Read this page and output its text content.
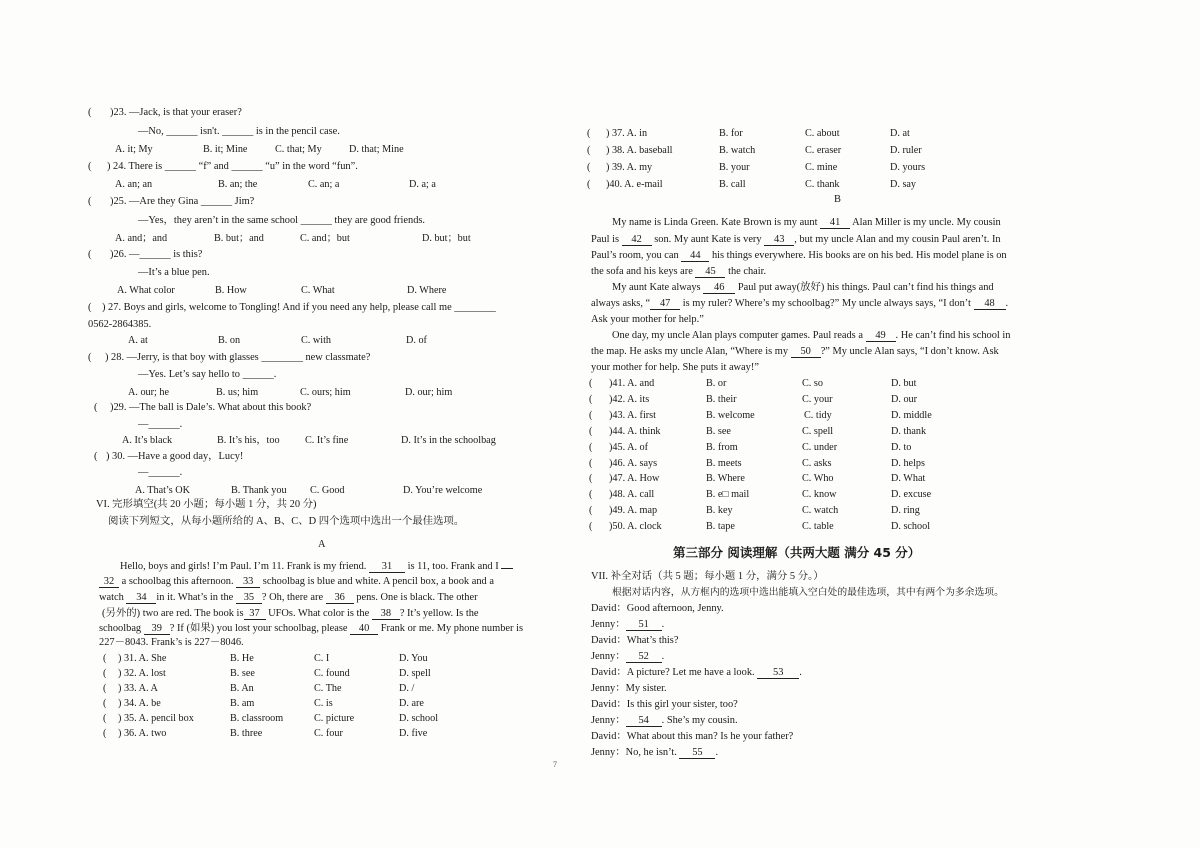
( )23. —Jack, is that your eraser?
—No, ______ isn't. ______ is in the pencil case.
A. it; My	B. it; Mine	C. that; My	D. that; Mine
( ) 24. There is ______ “f” and ______ “u” in the word “fun”.
A. an; an	B. an; the	C. an; a	D. a; a
( )25. —Are they Gina ______ Jim?
—Yes，they aren’t in the same school ______ they are good friends.
A. and；and	B. but；and	C. and；but	D. but；but
( )26. —______ is this?
—It’s a blue pen.
A. What color	B. How	C. What	D. Where
( ) 27. Boys and girls, welcome to Tongling! And if you need any help, please call me ________
0562-2864385.
A. at	B. on	C. with	D. of
( ) 28. —Jerry, is that boy with glasses ________ new classmate?
—Yes. Let’s say hello to ______.
A. our; he	B. us; him	C. ours; him	D. our; him
( )29. —The ball is Dale’s. What about this book?
—______.
A. It’s black	B. It’s his，too C. It’s fine	D. It’s in the schoolbag
( ) 30. —Have a good day，Lucy!
—______.
A. That’s OK	B. Thank you C. Good	D. You’re welcome
VI. 完形填空(共 20 小题；每小题 1 分，共 20 分)
阅读下列短文，从每小题所给的 A、B、C、D 四个选项中选出一个最佳选项。
A
Hello, boys and girls! I’m Paul. I’m 11. Frank is my friend. 31 is 11, too. Frank and I
32 a schoolbag this afternoon. 33 schoolbag is blue and white. A pencil box, a book and a
watch 34 in it. What’s in the 35 ? Oh, there are 36 pens. One is black. The other
(另外的) two are red. The book is 37 UFOs. What color is the 38 ? It’s yellow. Is the
schoolbag 39 ? If (如果) you lost your schoolbag, please 40 Frank or me. My phone number is
227－8043. Frank’s is 227－8046.
( ) 31. A. She	B. He	C. I	D. You
( ) 32. A. lost	B. see	C. found	D. spell
( ) 33. A. A	B. An	C. The	D. /
( ) 34. A. be	B. am	C. is	D. are
( ) 35. A. pencil box	B. classroom	C. picture	D. school
( ) 36. A. two	B. three	C. four	D. five
7
( ) 37. A. in	B. for	C. about	D. at
( ) 38. A. baseball	B. watch	C. eraser	D. ruler
( ) 39. A. my	B. your	C. mine	D. yours
( )40. A. e-mail	B. call	C. thank	D. say
B
My name is Linda Green. Kate Brown is my aunt 41 Alan Miller is my uncle. My cousin
Paul is 42 son. My aunt Kate is very 43 , but my uncle Alan and my cousin Paul aren’t. In
Paul’s room, you can 44 his things everywhere. His books are on his bed. His model plane is on
the sofa and his keys are 45 the chair.
My aunt Kate always 46 Paul put away(放好) his things. Paul can’t find his things and
always asks, “ 47 is my ruler? Where’s my schoolbag?” My uncle always says, “I don’t 48 .
Ask your mother for help.”
One day, my uncle Alan plays computer games. Paul reads a 49 . He can’t find his school in
the map. He asks my uncle Alan, “Where is my 50 ?” My uncle Alan says, “I don’t know. Ask
your mother for help. She puts it away!”
( )41. A. and	B. or	C. so	D. but
( )42. A. its	B. their	C. your	D. our
( )43. A. first	B. welcome	C. tidy	D. middle
( )44. A. think	B. see	C. spell	D. thank
( )45. A. of	B. from	C. under	D. to
( )46. A. says	B. meets	C. asks	D. helps
( )47. A. How	B. Where	C. Who	D. What
( )48. A. call	B. e□ mail	C. know	D. excuse
( )49. A. map	B. key	C. watch	D. ring
( )50. A. clock	B. tape	C. table	D. school
第三部分 阅读理解（共两大题 满分 45 分）
VII. 补全对话（共 5 题；每小题 1 分，满分 5 分。）
根据对话内容，从方框内的选项中选出能填入空白处的最佳选项，其中有两个为多余选项。
David：Good afternoon, Jenny.
Jenny： 51 .
David：What’s this?
Jenny： 52 .
David：A picture? Let me have a look. 53 .
Jenny：My sister.
David：Is this girl your sister, too?
Jenny： 54 . She’s my cousin.
David：What about this man? Is he your father?
Jenny：No, he isn’t. 55 .
